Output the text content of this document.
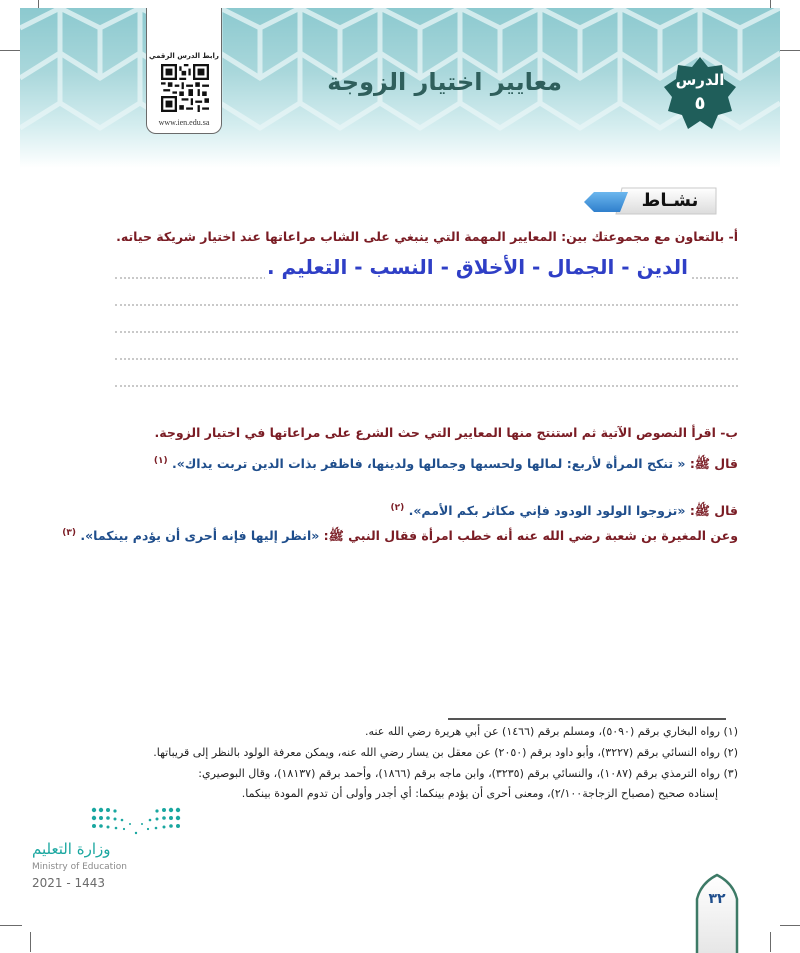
رابط الدرس الرقمي
www.ien.edu.sa
معايير اختيار الزوجة	الدرس
٥
نشـاط
أ- بالتعاون مع مجموعتك بين: المعايير المهمة التي ينبغي على الشاب مراعاتها عند اختيار شريكة حياته.
الدين - الجمال - الأخلاق - النسب - التعليم .
ب- اقرأ النصوص الآتية ثم استنتج منها المعايير التي حث الشرع على مراعاتها في اختيار الزوجة.
قال ﷺ: « تنكح المرأة لأربع: لمالها ولحسبها وجمالها ولدينها، فاظفر بذات الدين تربت يداك». $^{(١)}$
قال ﷺ: «تزوجوا الولود الودود فإني مكاثر بكم الأمم». $^{(٢)}$
وعن المغيرة بن شعبة رضي الله عنه أنه خطب امرأة فقال النبي ﷺ: «انظر إليها فإنه أحرى أن يؤدم بينكما». $^{(٣)}$
(١) رواه البخاري برقم (٥٠٩٠)، ومسلم برقم (١٤٦٦) عن أبي هريرة رضي الله عنه.
(٢) رواه النسائي برقم (٣٢٢٧)، وأبو داود برقم (٢٠٥٠) عن معقل بن يسار رضي الله عنه، ويمكن معرفة الولود بالنظر إلى قريباتها.
(٣) رواه الترمذي برقم (١٠٨٧)، والنسائي برقم (٣٢٣٥)، وابن ماجه برقم (١٨٦٦)، وأحمد برقم (١٨١٣٧)، وقال البوصيري:
إسناده صحيح (مصباح الزجاجة٢/١٠٠)، ومعنى أحرى أن يؤدم بينكما: أي أجدر وأولى أن تدوم المودة بينكما.
وزارة التعليم
Ministry of Education
2021 - 1443
٣٢
